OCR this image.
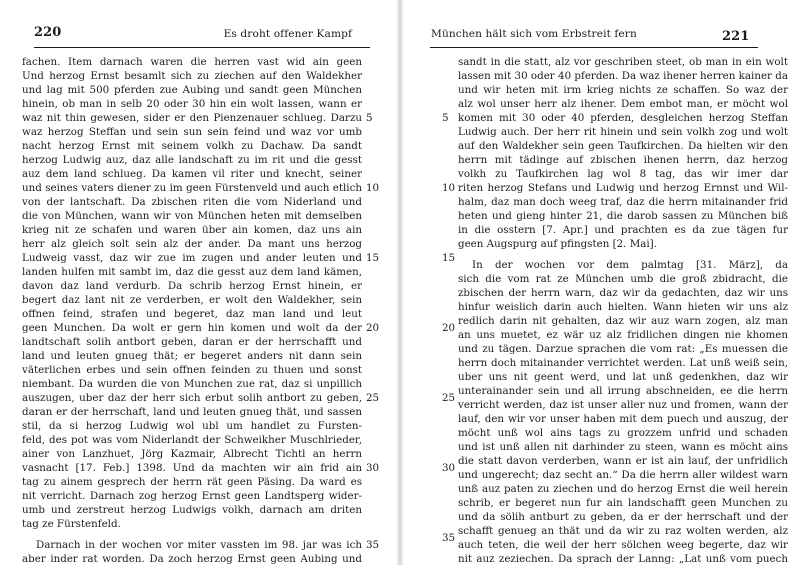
220	Es droht offener Kampf
fachen. Item darnach waren die herren vast wid ain geen
Und herzog Ernst besamlt sich zu ziechen auf den Waldekher
und lag mit 500 pferden zue Aubing und sandt geen München
hinein, ob man in selb 20 oder 30 hin ein wolt lassen, wann er
waz nit thin gewesen, sider er den Pienzenauer schlueg. Darzu
waz herzog Steffan und sein sun sein feind und waz vor umb
nacht herzog Ernst mit seinem volkh zu Dachaw. Da sandt
herzog Ludwig auz, daz alle landschaft zu im rit und die gesst
auz dem land schlueg. Da kamen vil riter und knecht, seiner
und seines vaters diener zu im geen Fürstenveld und auch etlich
von der lantschaft. Da zbischen riten die vom Niderland und
die von München, wann wir von München heten mit demselben
krieg nit ze schafen und waren über ain komen, daz uns ain
herr alz gleich solt sein alz der ander. Da mant uns herzog
Ludweig vasst, daz wir zue im zugen und ander leuten und
landen hulfen mit sambt im, daz die gesst auz dem land kämen,
davon daz land verdurb. Da schrib herzog Ernst hinein, er
begert daz lant nit ze verderben, er wolt den Waldekher, sein
offnen feind, strafen und begeret, daz man land und leut
geen Munchen. Da wolt er gern hin komen und wolt da der
landtschaft solih antbort geben, daran er der herrschafft und
land und leuten gnueg thät; er begeret anders nit dann sein
väterlichen erbes und sein offnen feinden zu thuen und sonst
niembant. Da wurden die von Munchen zue rat, daz si unpillich
auszugen, uber daz der herr sich erbut solih antbort zu geben,
daran er der herrschaft, land und leuten gnueg thät, und sassen
stil, da si herzog Ludwig wol ubl um handlet zu Fursten-
feld, des pot was vom Niderlandt der Schweikher Muschlrieder,
ainer von Lanzhuet, Jörg Kazmair, Albrecht Tichtl an herrn
vasnacht [17. Feb.] 1398. Und da machten wir ain frid ain
tag zu ainem gesprech der herrn rät geen Päsing. Da ward es
nit verricht. Darnach zog herzog Ernst geen Landtsperg wider-
umb und zerstreut herzog Ludwigs volkh, darnach am driten
tag ze Fürstenfeld.
Darnach in der wochen vor miter vassten im 98. jar was ich
aber inder rat worden. Da zoch herzog Ernst geen Aubing und
5
10
15
20
25
30
35
München hält sich vom Erbstreit fern	221
sandt in die statt, alz vor geschriben steet, ob man in ein wolt
lassen mit 30 oder 40 pferden. Da waz ihener herren kainer da
und wir heten mit irm krieg nichts ze schaffen. So waz der
alz wol unser herr alz ihener. Dem embot man, er möcht wol
komen mit 30 oder 40 pferden, desgleichen herzog Steffan
Ludwig auch. Der herr rit hinein und sein volkh zog und wolt
auf den Waldekher sein geen Taufkirchen. Da hielten wir den
herrn mit tädinge auf zbischen ihenen herrn, daz herzog
volkh zu Taufkirchen lag wol 8 tag, das wir imer dar
riten herzog Stefans und Ludwig und herzog Ernnst und Wil-
halm, daz man doch weeg traf, daz die herrn mitainander frid
heten und gieng hinter 21, die darob sassen zu München biß
in die osstern [7. Apr.] und prachten es da zue tägen fur
geen Augspurg auf pfingsten [2. Mai].
In der wochen vor dem palmtag [31. März], da
sich die vom rat ze München umb die groß zbidracht, die
zbischen der herrn warn, daz wir da gedachten, daz wir uns
hinfur weislich darin auch hielten. Wann hieten wir uns alz
redlich darin nit gehalten, daz wir auz warn zogen, alz man
an uns muetet, ez wär uz alz fridlichen dingen nie khomen
und zu tägen. Darzue sprachen die vom rat: „Es muessen die
herrn doch mitainander verrichtet werden. Lat unß weiß sein,
uber uns nit geent werd, und lat unß gedenkhen, daz wir
unterainander sein und all irrung abschneiden, ee die herrn
verricht werden, daz ist unser aller nuz und fromen, wann der
lauf, den wir vor unser haben mit dem puech und auszug, der
möcht unß wol ains tags zu grozzem unfrid und schaden
und ist unß allen nit darhinder zu steen, wann es möcht ains
die statt davon verderben, wann er ist ain lauf, der unfridlich
und ungerecht; daz secht an.“ Da die herrn aller wildest warn
unß auz paten zu ziechen und do herzog Ernst die weil herein
schrib, er begeret nun fur ain landschafft geen Munchen zu
und da sölih antburt zu geben, da er der herrschaft und der
schafft genueg an thät und da wir zu raz wolten werden, alz
auch teten, die weil der herr sölchen weeg begerte, daz wir
nit auz zeziechen. Da sprach der Lanng: „Lat unß vom puech
5
10
15
20
25
30
35
